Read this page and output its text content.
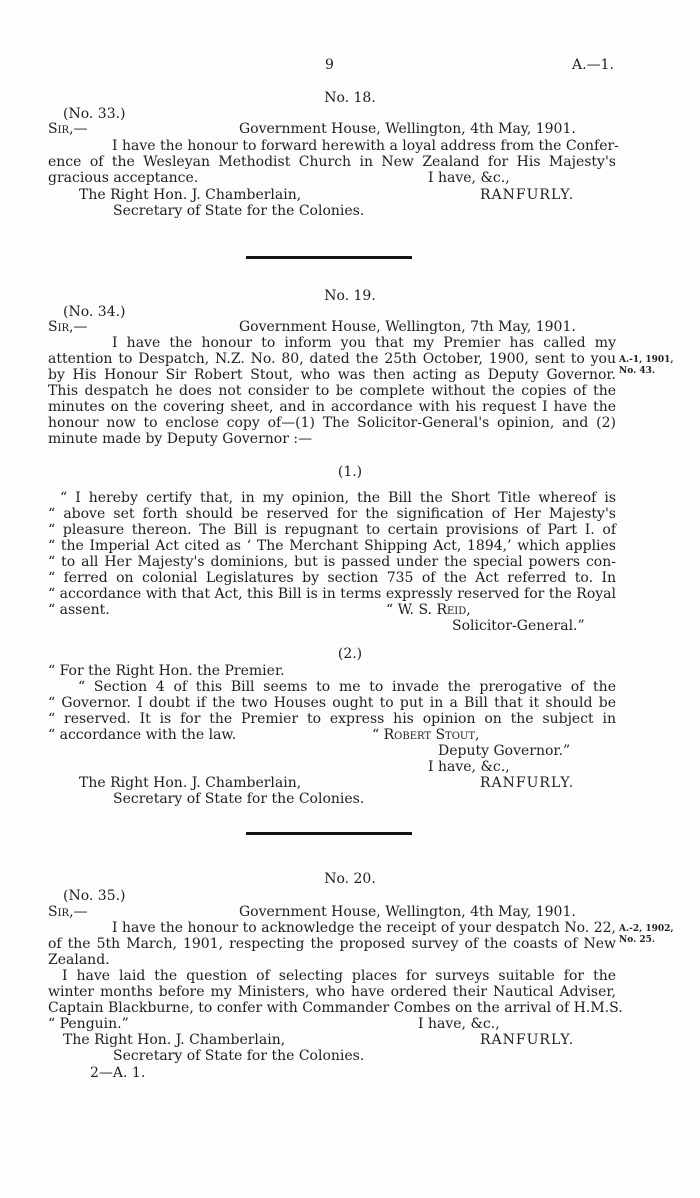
9	A.—1.
No. 18.
(No. 33.)
Sir,—	Government House, Wellington, 4th May, 1901.
I have the honour to forward herewith a loyal address from the Confer-
ence of the Wesleyan Methodist Church in New Zealand for His Majesty's
gracious acceptance.	I have, &c.,
RANFURLY.
The Right Hon. J. Chamberlain,
Secretary of State for the Colonies.
No. 19.
(No. 34.)
Sir,—	Government House, Wellington, 7th May, 1901.
I have the honour to inform you that my Premier has called my
attention to Despatch, N.Z. No. 80, dated the 25th October, 1900, sent to you
by His Honour Sir Robert Stout, who was then acting as Deputy Governor.
This despatch he does not consider to be complete without the copies of the
minutes on the covering sheet, and in accordance with his request I have the
honour now to enclose copy of—(1) The Solicitor-General's opinion, and (2)
minute made by Deputy Governor :—
A.-1, 1901,
No. 43.
(1.)
“ I hereby certify that, in my opinion, the Bill the Short Title whereof is
“ above set forth should be reserved for the signification of Her Majesty's
“ pleasure thereon. The Bill is repugnant to certain provisions of Part I. of
“ the Imperial Act cited as ‘ The Merchant Shipping Act, 1894,’ which applies
“ to all Her Majesty's dominions, but is passed under the special powers con-
“ ferred on colonial Legislatures by section 735 of the Act referred to. In
“ accordance with that Act, this Bill is in terms expressly reserved for the Royal
“ assent.	“ W. S. Reid,
Solicitor-General.”
(2.)
“ For the Right Hon. the Premier.
“ Section 4 of this Bill seems to me to invade the prerogative of the
“ Governor. I doubt if the two Houses ought to put in a Bill that it should be
“ reserved. It is for the Premier to express his opinion on the subject in
“ accordance with the law.	“ Robert Stout,
Deputy Governor.”
I have, &c.,
RANFURLY.
The Right Hon. J. Chamberlain,
Secretary of State for the Colonies.
No. 20.
(No. 35.)
Sir,—	Government House, Wellington, 4th May, 1901.
I have the honour to acknowledge the receipt of your despatch No. 22,
of the 5th March, 1901, respecting the proposed survey of the coasts of New
Zealand.
I have laid the question of selecting places for surveys suitable for the
winter months before my Ministers, who have ordered their Nautical Adviser,
Captain Blackburne, to confer with Commander Combes on the arrival of H.M.S.
“ Penguin.”
A.-2, 1902,
No. 25.
I have, &c.,
RANFURLY.
The Right Hon. J. Chamberlain,
Secretary of State for the Colonies.
2—A. 1.
